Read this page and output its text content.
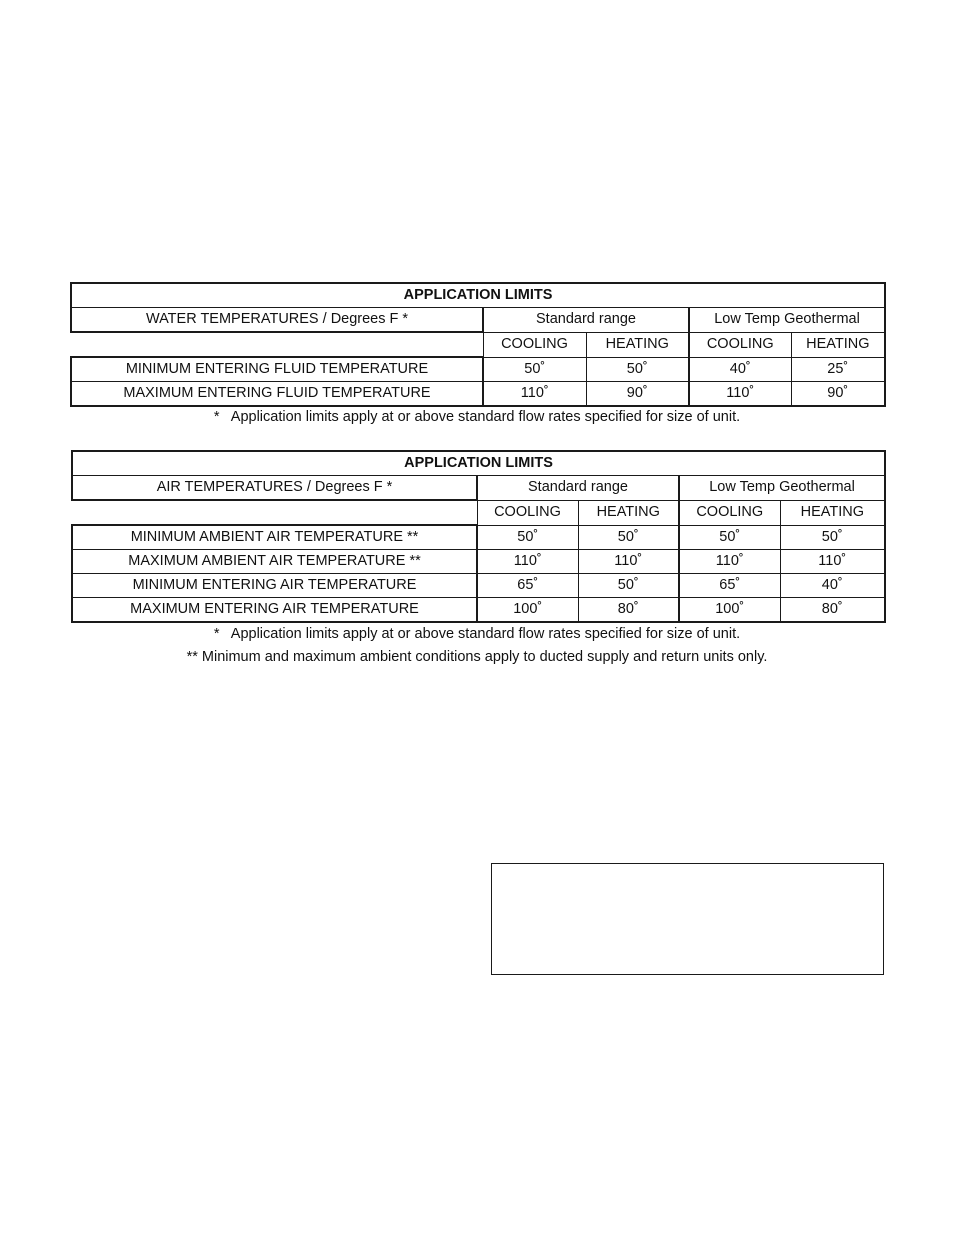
APPLICATION LIMITS				
WATER TEMPERATURES / Degrees F *	Standard range		Low Temp Geothermal	
	COOLING	HEATING	COOLING	HEATING
MINIMUM ENTERING FLUID TEMPERATURE	50˚	50˚	40˚	25˚
MAXIMUM ENTERING FLUID TEMPERATURE	110˚	90˚	110˚	90˚
*   Application limits apply at or above standard flow rates specified for size of unit.
APPLICATION LIMITS				
AIR TEMPERATURES / Degrees F *	Standard range		Low Temp Geothermal	
	COOLING	HEATING	COOLING	HEATING
MINIMUM AMBIENT AIR TEMPERATURE **	50˚	50˚	50˚	50˚
MAXIMUM AMBIENT AIR TEMPERATURE **	110˚	110˚	110˚	110˚
MINIMUM ENTERING AIR TEMPERATURE	65˚	50˚	65˚	40˚
MAXIMUM ENTERING AIR TEMPERATURE	100˚	80˚	100˚	80˚
*   Application limits apply at or above standard flow rates specified for size of unit.
** Minimum and maximum ambient conditions apply to ducted supply and return units only.
